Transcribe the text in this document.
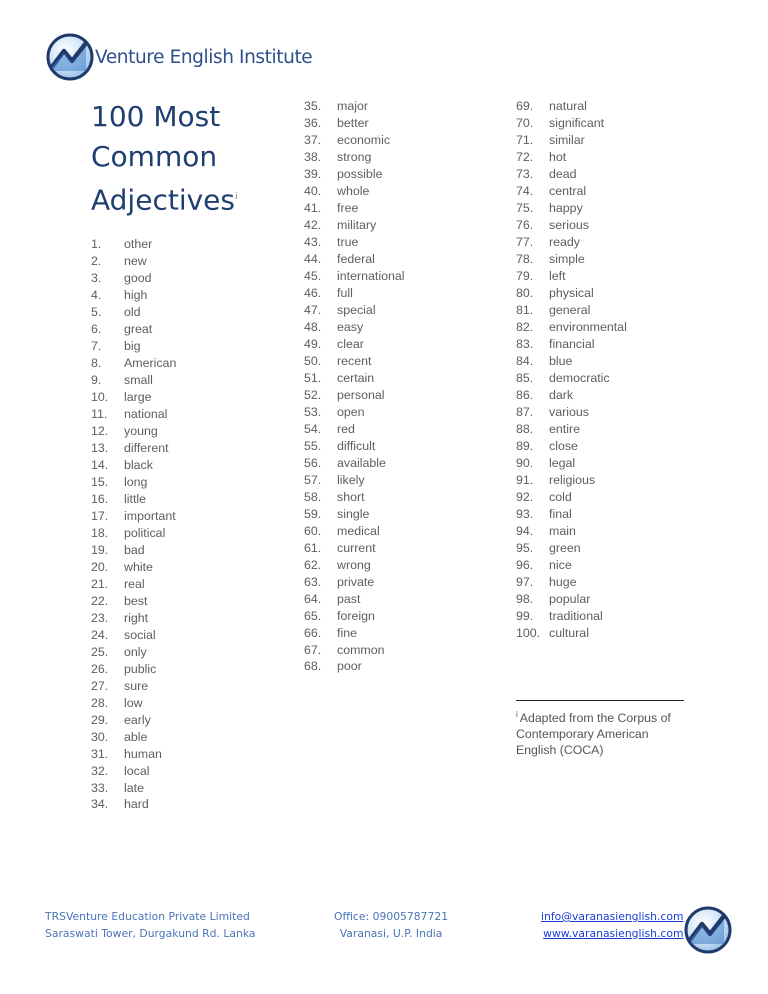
Venture English Institute
100 Most
Common
Adjectives$^i$
1.	other
2.	new
3.	good
4.	high
5.	old
6.	great
7.	big
8.	American
9.	small
10.	large
11.	national
12.	young
13.	different
14.	black
15.	long
16.	little
17.	important
18.	political
19.	bad
20.	white
21.	real
22.	best
23.	right
24.	social
25.	only
26.	public
27.	sure
28.	low
29.	early
30.	able
31.	human
32.	local
33.	late
34.	hard
35.	major
36.	better
37.	economic
38.	strong
39.	possible
40.	whole
41.	free
42.	military
43.	true
44.	federal
45.	international
46.	full
47.	special
48.	easy
49.	clear
50.	recent
51.	certain
52.	personal
53.	open
54.	red
55.	difficult
56.	available
57.	likely
58.	short
59.	single
60.	medical
61.	current
62.	wrong
63.	private
64.	past
65.	foreign
66.	fine
67.	common
68.	poor
69.	natural
70.	significant
71.	similar
72.	hot
73.	dead
74.	central
75.	happy
76.	serious
77.	ready
78.	simple
79.	left
80.	physical
81.	general
82.	environmental
83.	financial
84.	blue
85.	democratic
86.	dark
87.	various
88.	entire
89.	close
90.	legal
91.	religious
92.	cold
93.	final
94.	main
95.	green
96.	nice
97.	huge
98.	popular
99.	traditional
100. cultural
$^i$ Adapted from the Corpus of Contemporary American English (COCA)
TRSVenture Education Private Limited
Saraswati Tower, Durgakund Rd. Lanka
Office: 09005787721
Varanasi, U.P. India
info@varanasienglish.com
www.varanasienglish.com
